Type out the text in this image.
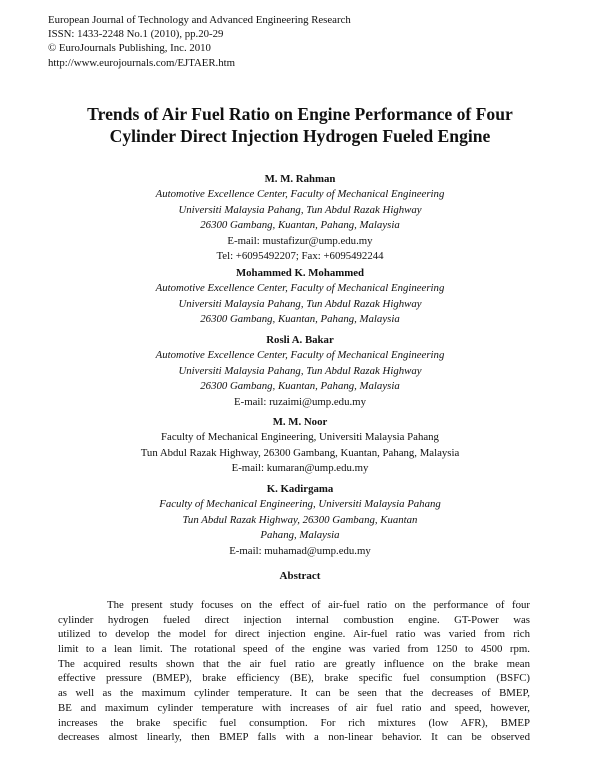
European Journal of Technology and Advanced Engineering Research
ISSN: 1433-2248 No.1 (2010), pp.20-29
© EuroJournals Publishing, Inc. 2010
http://www.eurojournals.com/EJTAER.htm
Trends of Air Fuel Ratio on Engine Performance of Four
Cylinder Direct Injection Hydrogen Fueled Engine
M. M. Rahman
Automotive Excellence Center, Faculty of Mechanical Engineering
Universiti Malaysia Pahang, Tun Abdul Razak Highway
26300 Gambang, Kuantan, Pahang, Malaysia
E-mail: mustafizur@ump.edu.my
Tel: +6095492207; Fax: +6095492244
Mohammed K. Mohammed
Automotive Excellence Center, Faculty of Mechanical Engineering
Universiti Malaysia Pahang, Tun Abdul Razak Highway
26300 Gambang, Kuantan, Pahang, Malaysia
Rosli A. Bakar
Automotive Excellence Center, Faculty of Mechanical Engineering
Universiti Malaysia Pahang, Tun Abdul Razak Highway
26300 Gambang, Kuantan, Pahang, Malaysia
E-mail: ruzaimi@ump.edu.my
M. M. Noor
Faculty of Mechanical Engineering, Universiti Malaysia Pahang
Tun Abdul Razak Highway, 26300 Gambang, Kuantan, Pahang, Malaysia
E-mail: kumaran@ump.edu.my
K. Kadirgama
Faculty of Mechanical Engineering, Universiti Malaysia Pahang
Tun Abdul Razak Highway, 26300 Gambang, Kuantan
Pahang, Malaysia
E-mail: muhamad@ump.edu.my
Abstract
The present study focuses on the effect of air-fuel ratio on the performance of four
cylinder hydrogen fueled direct injection internal combustion engine. GT-Power was
utilized to develop the model for direct injection engine. Air-fuel ratio was varied from rich
limit to a lean limit. The rotational speed of the engine was varied from 1250 to 4500 rpm.
The acquired results shown that the air fuel ratio are greatly influence on the brake mean
effective pressure (BMEP), brake efficiency (BE), brake specific fuel consumption (BSFC)
as well as the maximum cylinder temperature. It can be seen that the decreases of BMEP,
BE and maximum cylinder temperature with increases of air fuel ratio and speed, however,
increases the brake specific fuel consumption. For rich mixtures (low AFR), BMEP
decreases almost linearly, then BMEP falls with a non-linear behavior. It can be observed
